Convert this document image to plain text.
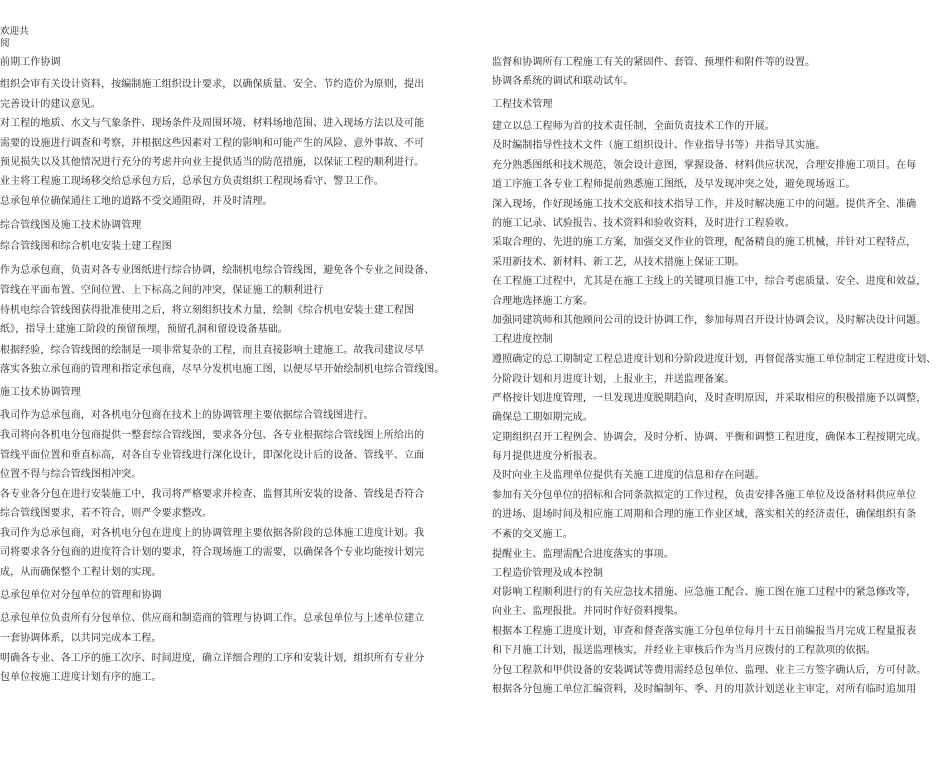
欢迎共
阅
前期工作协调
组织会审有关设计资料，按编制施工组织设计要求，以确保质量、安全、节约造价为原则，提出
完善设计的建议意见。
对工程的地质、水文与气象条件、现场条件及周围环境、材料场地范围、进入现场方法以及可能
需要的设施进行调查和考察，并根据这些因素对工程的影响和可能产生的风险、意外事故、不可
预见损失以及其他情况进行充分的考虑并向业主提供适当的防范措施，以保证工程的顺利进行。
业主将工程施工现场移交给总承包方后，总承包方负责组织工程现场看守、警卫工作。
总承包单位确保通往工地的道路不受交通阻碍，并及时清理。
综合管线图及施工技术协调管理
综合管线图和综合机电安装土建工程图
作为总承包商，负责对各专业图纸进行综合协调，绘制机电综合管线图，避免各个专业之间设备、
管线在平面布置、空间位置、上下标高之间的冲突，保证施工的顺利进行
待机电综合管线图获得批准使用之后，将立刻组织技术力量，绘制《综合机电安装土建工程图
纸》，指导土建施工阶段的预留预埋，预留孔洞和留设设备基础。
根据经验，综合管线图的绘制是一项非常复杂的工程，而且直接影响土建施工。故我司建议尽早
落实各独立承包商的管理和指定承包商，尽早分发机电施工图，以便尽早开始绘制机电综合管线图。
施工技术协调管理
我司作为总承包商，对各机电分包商在技术上的协调管理主要依据综合管线图进行。
我司将向各机电分包商提供一整套综合管线图，要求各分包、各专业根据综合管线图上所给出的
管线平面位置和垂直标高，对各自专业管线进行深化设计，即深化设计后的设备、管线平、立面
位置不得与综合管线图相冲突。
各专业各分包在进行安装施工中，我司将严格要求并检查、监督其所安装的设备、管线是否符合
综合管线图要求，若不符合，则严令要求整改。
我司作为总承包商，对各机电分包在进度上的协调管理主要依据各阶段的总体施工进度计划。我
司将要求各分包商的进度符合计划的要求，符合现场施工的需要，以确保各个专业均能按计划完
成，从而确保整个工程计划的实现。
总承包单位对分包单位的管理和协调
总承包单位负责所有分包单位、供应商和制造商的管理与协调工作。总承包单位与上述单位建立
一套协调体系，以共同完成本工程。
明确各专业、各工序的施工次序、时间进度，确立详细合理的工序和安装计划，组织所有专业分
包单位按施工进度计划有序的施工。
监督和协调所有工程施工有关的紧固件、套管、预埋件和附件等的设置。
协调各系统的调试和联动试车。
工程技术管理
建立以总工程师为首的技术责任制，全面负责技术工作的开展。
及时编制指导性技术文件（施工组织设计、作业指导书等）并指导其实施。
充分熟悉图纸和技术规范，领会设计意图，掌握设备、材料供应状况，合理安排施工项目。在每
道工序施工各专业工程师提前熟悉施工图纸，及早发现冲突之处，避免现场返工。
深入现场，作好现场施工技术交底和技术指导工作，并及时解决施工中的问题。提供齐全、准确
的施工记录、试验报告、技术资料和验收资料，及时进行工程验收。
采取合理的、先进的施工方案，加强交叉作业的管理，配备精良的施工机械，并针对工程特点，
采用新技术、新材料、新工艺，从技术措施上保证工期。
在工程施工过程中，尤其是在施工主线上的关键项目施工中，综合考虑质量、安全、进度和效益，
合理地选择施工方案。
加强同建筑师和其他顾问公司的设计协调工作，参加每周召开设计协调会议，及时解决设计问题。
工程进度控制
遵照确定的总工期制定工程总进度计划和分阶段进度计划，再督促落实施工单位制定工程进度计划、
分阶段计划和月进度计划，上报业主，并送监理备案。
严格按计划进度管理，一旦发现进度脱期趋向，及时查明原因，并采取相应的积极措施予以调整，
确保总工期如期完成。
定期组织召开工程例会、协调会，及时分析、协调、平衡和调整工程进度，确保本工程按期完成。
每月提供进度分析报表。
及时向业主及监理单位提供有关施工进度的信息和存在问题。
参加有关分包单位的招标和合同条款拟定的工作过程，负责安排各施工单位及设备材料供应单位
的进场、退场时间及相应施工周期和合理的施工作业区域，落实相关的经济责任，确保组织有条
不紊的交叉施工。
提醒业主、监理需配合进度落实的事项。
工程造价管理及成本控制
对影响工程顺利进行的有关应急技术措施、应急施工配合、施工图在施工过程中的紧急修改等，
向业主、监理报批。并同时作好资料搜集。
根据本工程施工进度计划，审查和督查落实施工分包单位每月十五日前编报当月完成工程量报表
和下月施工计划，报送监理核实，并经业主审核后作为当月应拨付的工程款项的依据。
分包工程款和甲供设备的安装调试等费用需经总包单位、监理、业主三方签字确认后，方可付款。
根据各分包施工单位汇编资料，及时编制年、季、月的用款计划送业主审定，对所有临时追加用
